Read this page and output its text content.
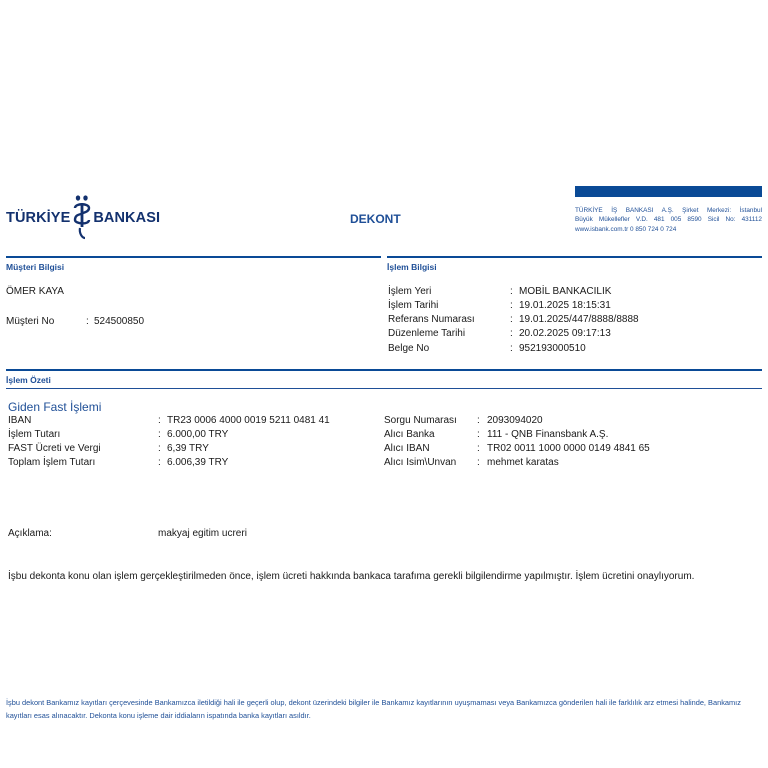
TÜRKİYE BANKASI	DEKONT
TÜRKİYE İŞ BANKASI A.Ş. Şirket Merkezi: İstanbul
Büyük Mükellefler V.D. 481 005 8590 Sicil No: 431112
www.isbank.com.tr 0 850 724 0 724
Müşteri Bilgisi
ÖMER KAYA
Müşteri No	: 524500850
İşlem Bilgisi
İşlem Yeri	: MOBİL BANKACILIK
İşlem Tarihi	: 19.01.2025 18:15:31
Referans Numarası	: 19.01.2025/447/8888/8888
Düzenleme Tarihi	: 20.02.2025 09:17:13
Belge No	: 952193000510
İşlem Özeti
Giden Fast İşlemi
IBAN	: TR23 0006 4000 0019 5211 0481 41
İşlem Tutarı	: 6.000,00 TRY
FAST Ücreti ve Vergi	: 6,39 TRY
Toplam İşlem Tutarı	: 6.006,39 TRY
Sorgu Numarası : 2093094020
Alıcı Banka	: 111 - QNB Finansbank A.Ş.
Alıcı IBAN	: TR02 0011 1000 0000 0149 4841 65
Alıcı Isim\Unvan : mehmet karatas
Açıklama:	makyaj egitim ucreri
İşbu dekonta konu olan işlem gerçekleştirilmeden önce, işlem ücreti hakkında bankaca tarafıma gerekli bilgilendirme yapılmıştır. İşlem ücretini onaylıyorum.
İşbu dekont Bankamız kayıtları çerçevesinde Bankamızca iletildiği hali ile geçerli olup, dekont üzerindeki bilgiler ile Bankamız kayıtlarının uyuşmaması veya Bankamızca gönderilen hali ile farklılık arz etmesi halinde, Bankamız kayıtları esas alınacaktır. Dekonta konu işleme dair iddiaların ispatında banka kayıtları asıldır.
